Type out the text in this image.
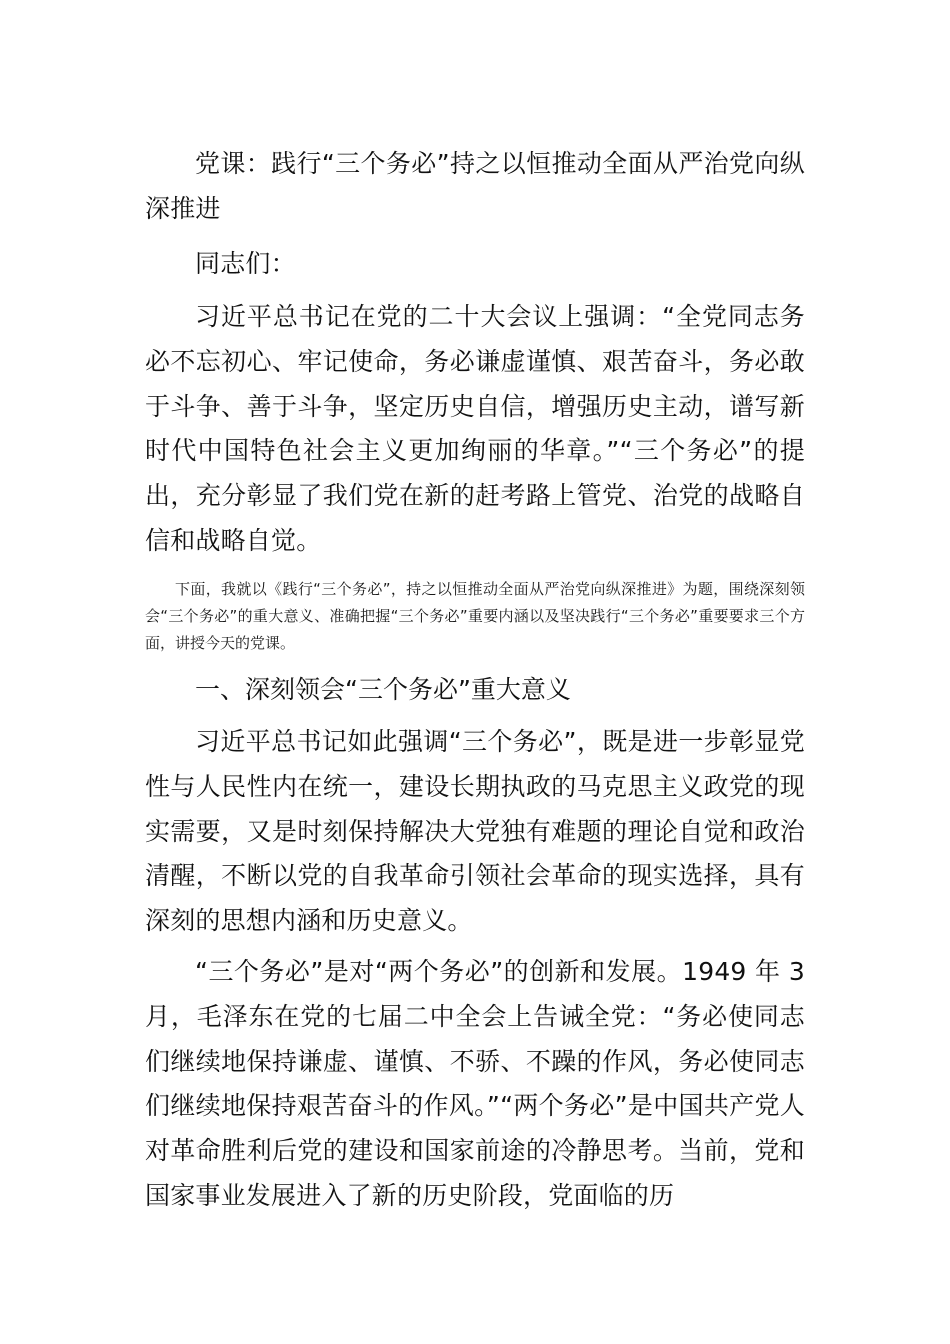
党课：践行“三个务必”持之以恒推动全面从严治党向纵深推进

同志们：

习近平总书记在党的二十大会议上强调：“全党同志务必不忘初心、牢记使命，务必谦虚谨慎、艰苦奋斗，务必敢于斗争、善于斗争，坚定历史自信，增强历史主动，谱写新时代中国特色社会主义更加绚丽的华章。”“三个务必”的提出，充分彰显了我们党在新的赶考路上管党、治党的战略自信和战略自觉。

下面，我就以《践行“三个务必”，持之以恒推动全面从严治党向纵深推进》为题，围绕深刻领会“三个务必”的重大意义、准确把握“三个务必”重要内涵以及坚决践行“三个务必”重要要求三个方面，讲授今天的党课。

一、深刻领会“三个务必”重大意义

习近平总书记如此强调“三个务必”，既是进一步彰显党性与人民性内在统一，建设长期执政的马克思主义政党的现实需要，又是时刻保持解决大党独有难题的理论自觉和政治清醒，不断以党的自我革命引领社会革命的现实选择，具有深刻的思想内涵和历史意义。

“三个务必”是对“两个务必”的创新和发展。1949 年 3 月，毛泽东在党的七届二中全会上告诫全党：“务必使同志们继续地保持谦虚、谨慎、不骄、不躁的作风，务必使同志们继续地保持艰苦奋斗的作风。”“两个务必”是中国共产党人对革命胜利后党的建设和国家前途的冷静思考。当前，党和国家事业发展进入了新的历史阶段，党面临的历
